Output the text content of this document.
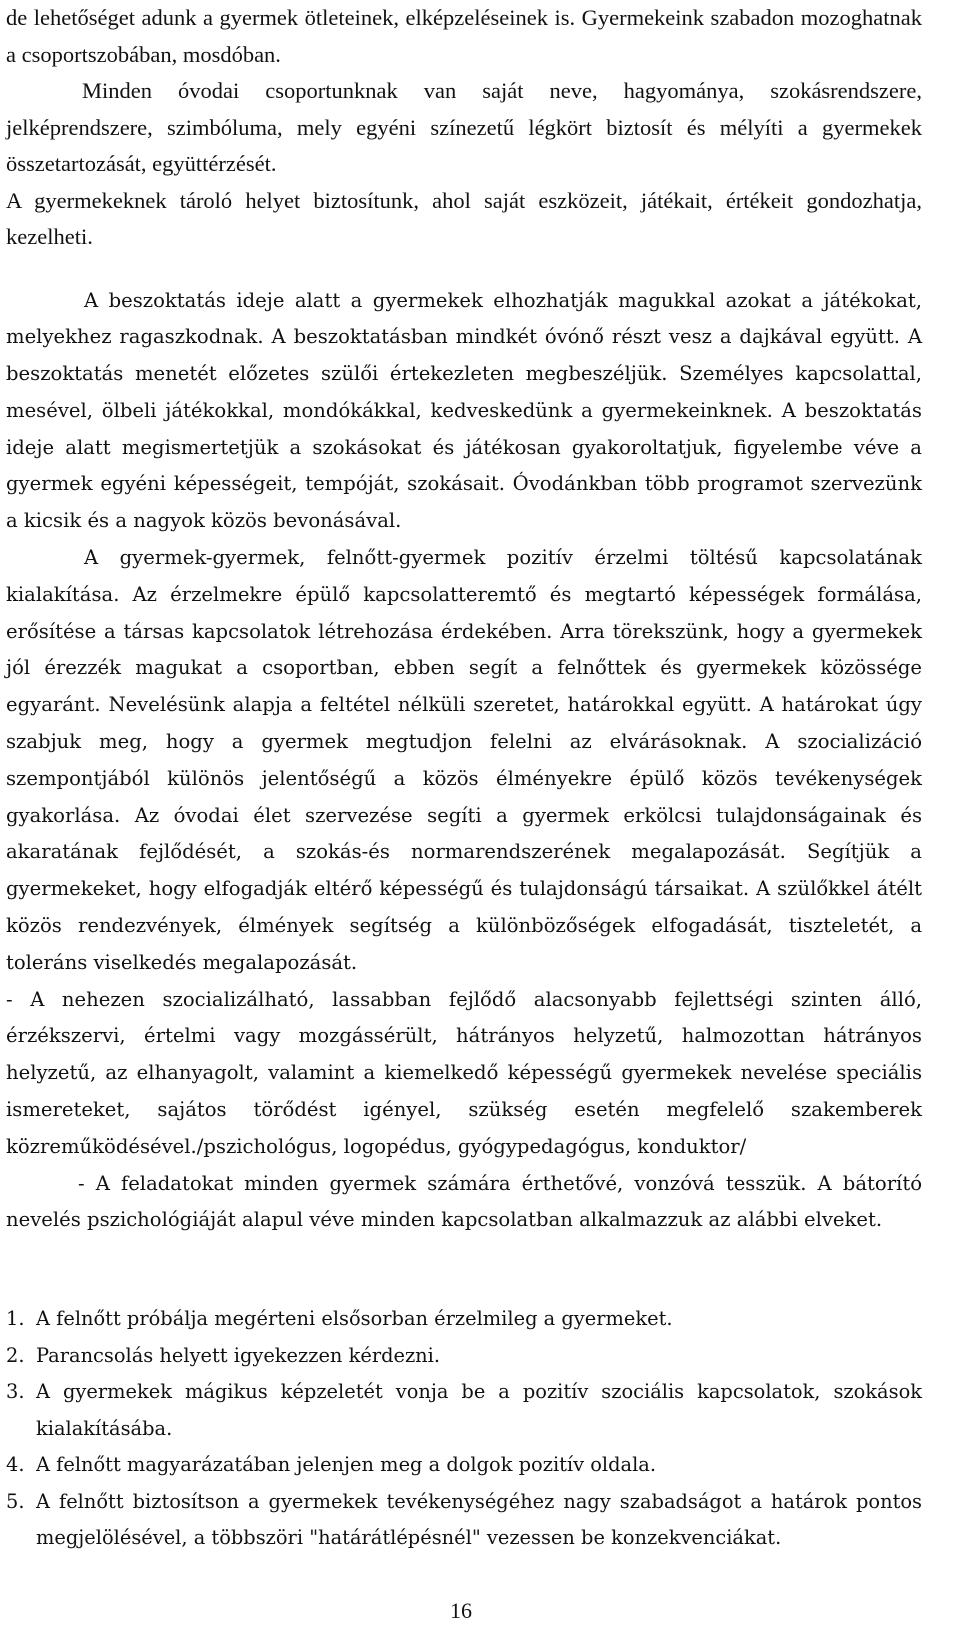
de lehetőséget adunk a gyermek ötleteinek, elképzeléseinek is. Gyermekeink szabadon mozoghatnak a csoportszobában, mosdóban.

Minden óvodai csoportunknak van saját neve, hagyománya, szokásrendszere, jelképrendszere, szimbóluma, mely egyéni színezetű légkört biztosít és mélyíti a gyermekek összetartozását, együttérzését.

A gyermekeknek tároló helyet biztosítunk, ahol saját eszközeit, játékait, értékeit gondozhatja, kezelheti.

A beszoktatás ideje alatt a gyermekek elhozhatják magukkal azokat a játékokat, melyekhez ragaszkodnak. A beszoktatásban mindkét óvónő részt vesz a dajkával együtt. A beszoktatás menetét előzetes szülői értekezleten megbeszéljük. Személyes kapcsolattal, mesével, ölbeli játékokkal, mondókákkal, kedveskedünk a gyermekeinknek. A beszoktatás ideje alatt megismertetjük a szokásokat és játékosan gyakoroltatjuk, figyelembe véve a gyermek egyéni képességeit, tempóját, szokásait. Óvodánkban több programot szervezünk a kicsik és a nagyok közös bevonásával.

A gyermek-gyermek, felnőtt-gyermek pozitív érzelmi töltésű kapcsolatának kialakítása. Az érzelmekre épülő kapcsolatteremtő és megtartó képességek formálása, erősítése a társas kapcsolatok létrehozása érdekében. Arra törekszünk, hogy a gyermekek jól érezzék magukat a csoportban, ebben segít a felnőttek és gyermekek közössége egyaránt. Nevelésünk alapja a feltétel nélküli szeretet, határokkal együtt. A határokat úgy szabjuk meg, hogy a gyermek megtudjon felelni az elvárásoknak. A szocializáció szempontjából különös jelentőségű a közös élményekre épülő közös tevékenységek gyakorlása. Az óvodai élet szervezése segíti a gyermek erkölcsi tulajdonságainak és akaratának fejlődését, a szokás-és normarendszerének megalapozását. Segítjük a gyermekeket, hogy elfogadják eltérő képességű és tulajdonságú társaikat. A szülőkkel átélt közös rendezvények, élmények segítség a különbözőségek elfogadását, tiszteletét, a toleráns viselkedés megalapozását.

- A nehezen szocializálható, lassabban fejlődő alacsonyabb fejlettségi szinten álló, érzékszervi, értelmi vagy mozgássérült, hátrányos helyzetű, halmozottan hátrányos helyzetű, az elhanyagolt, valamint a kiemelkedő képességű gyermekek nevelése speciális ismereteket, sajátos törődést igényel, szükség esetén megfelelő szakemberek közreműködésével./pszichológus, logopédus, gyógypedagógus, konduktor/

- A feladatokat minden gyermek számára érthetővé, vonzóvá tesszük. A bátorító nevelés pszichológiáját alapul véve minden kapcsolatban alkalmazzuk az alábbi elveket.

1. A felnőtt próbálja megérteni elsősorban érzelmileg a gyermeket.
2. Parancsolás helyett igyekezzen kérdezni.
3. A gyermekek mágikus képzeletét vonja be a pozitív szociális kapcsolatok, szokások kialakításába.
4. A felnőtt magyarázatában jelenjen meg a dolgok pozitív oldala.
5. A felnőtt biztosítson a gyermekek tevékenységéhez nagy szabadságot a határok pontos megjelölésével, a többszöri "határátlépésnél" vezessen be konzekvenciákat.
16
